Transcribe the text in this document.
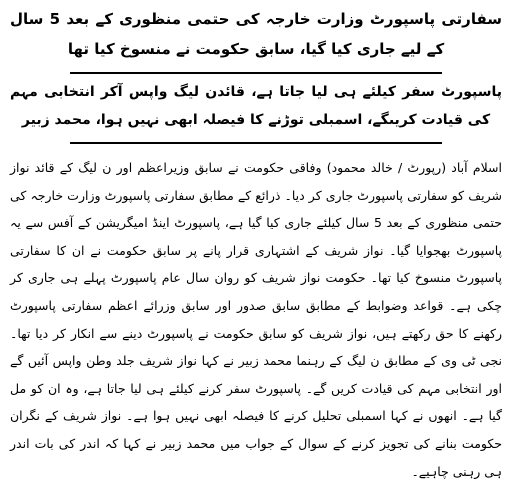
سفارتی پاسپورٹ وزارت خارجہ کی حتمی منظوری کے بعد 5 سال کے لیے جاری کیا گیا، سابق حکومت نے منسوخ کیا تھا
پاسپورٹ سفر کیلئے ہی لیا جاتا ہے، قائدن لیگ واپس آکر انتخابی مہم کی قیادت کریںگے، اسمبلی توڑنے کا فیصلہ ابھی نہیں ہوا، محمد زبیر

اسلام آباد (رپورٹ / خالد محمود) وفاقی حکومت نے سابق وزیراعظم اور ن لیگ کے قائد نواز شریف کو سفارتی پاسپورٹ جاری کر دیا۔ ذرائع کے مطابق سفارتی پاسپورٹ وزارت خارجہ کی حتمی منظوری کے بعد 5 سال کیلئے جاری کیا گیا ہے، پاسپورٹ اینڈ امیگریشن کے آفس سے یہ پاسپورٹ بھجوایا گیا۔ نواز شریف کے اشتہاری قرار پانے پر سابق حکومت نے ان کا سفارتی پاسپورٹ منسوخ کیا تھا۔ حکومت نواز شریف کو روان سال عام پاسپورٹ پہلے ہی جاری کر چکی ہے۔ قواعد وضوابط کے مطابق سابق صدور اور سابق وزرائے اعظم سفارتی پاسپورٹ رکھنے کا حق رکھتے ہیں، نواز شریف کو سابق حکومت نے پاسپورٹ دینے سے انکار کر دیا تھا۔ نجی ٹی وی کے مطابق ن لیگ کے رہنما محمد زبیر نے کہا نواز شریف جلد وطن واپس آئیں گے اور انتخابی مہم کی قیادت کریں گے۔ پاسپورٹ سفر کرنے کیلئے ہی لیا جاتا ہے، وہ ان کو مل گیا ہے۔ انھوں نے کہا اسمبلی تحلیل کرنے کا فیصلہ ابھی نہیں ہوا ہے۔ نواز شریف کے نگران حکومت بنانے کی تجویز کرنے کے سوال کے جواب میں محمد زبیر نے کہا کہ اندر کی بات اندر ہی رہنی چاہیے۔
